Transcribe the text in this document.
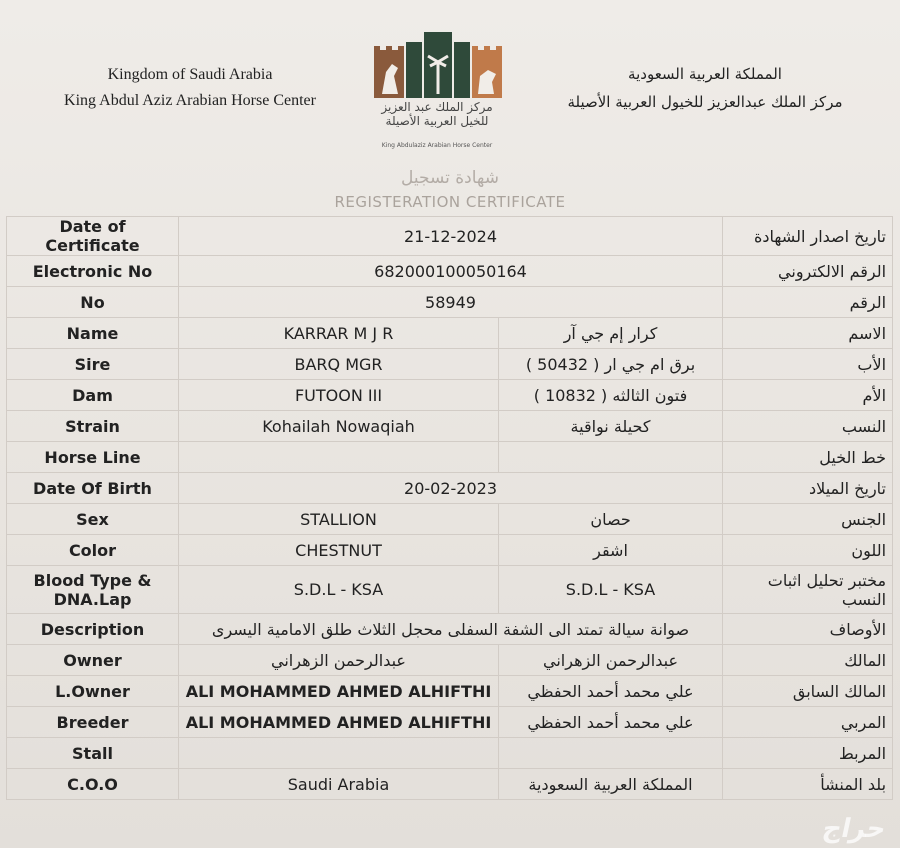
Kingdom of Saudi Arabia
King Abdul Aziz Arabian Horse Center	مركز الملك عبد العزيز
للخيل العربية الأصيلة
King Abdulaziz Arabian Horse Center
المملكة العربية السعودية
مركز الملك عبدالعزيز للخيول العربية الأصيلة
شهادة تسجيل
REGISTERATION CERTIFICATE
Date of Certificate	21-12-2024		تاريخ اصدار الشهادة
Electronic No	682000100050164		الرقم الالكتروني
No	58949		الرقم
Name	KARRAR M J R	كرار إم جي آر	الاسم
Sire	BARQ MGR	برق ام جي ار ( 50432 )	الأب
Dam	FUTOON III	فتون الثالثه ( 10832 )	الأم
Strain	Kohailah Nowaqiah	كحيلة نواقية	النسب
Horse Line			خط الخيل
Date Of Birth	20-02-2023		تاريخ الميلاد
Sex	STALLION	حصان	الجنس
Color	CHESTNUT	اشقر	اللون
Blood Type & DNA.Lap	S.D.L - KSA	S.D.L - KSA	مختبر تحليل اثبات النسب
Description	صوانة سيالة تمتد الى الشفة السفلى محجل الثلاث طلق الامامية اليسرى		الأوصاف
Owner	عبدالرحمن الزهراني	عبدالرحمن الزهراني	المالك
L.Owner	ALI MOHAMMED AHMED ALHIFTHI	علي محمد أحمد الحفظي	المالك السابق
Breeder	ALI MOHAMMED AHMED ALHIFTHI	علي محمد أحمد الحفظي	المربي
Stall			المربط
C.O.O	Saudi Arabia	المملكة العربية السعودية	بلد المنشأ
حراج
